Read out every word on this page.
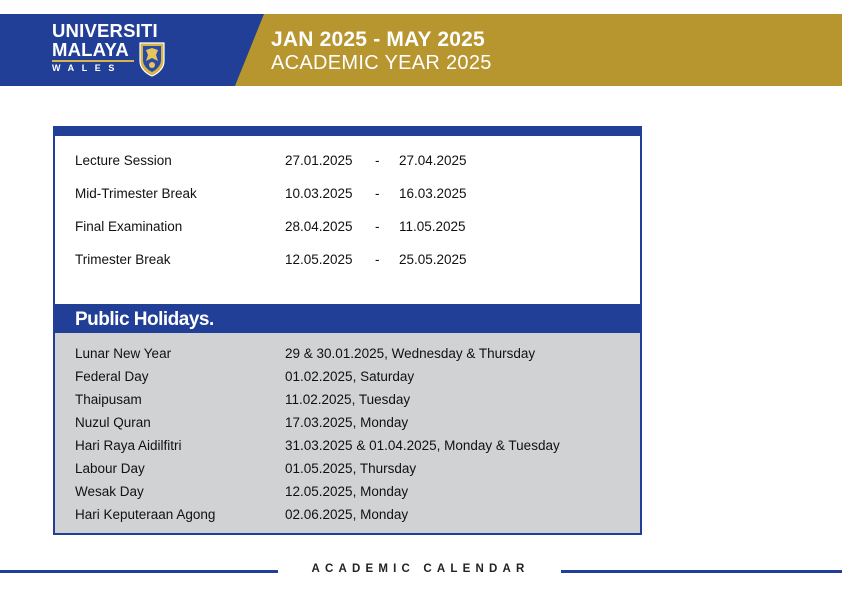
UNIVERSITI
MALAYA
WALES
JAN 2025 - MAY 2025
ACADEMIC YEAR 2025
Lecture Session	27.01.2025 - 27.04.2025
Mid-Trimester Break	10.03.2025 - 16.03.2025
Final Examination	28.04.2025 - 11.05.2025
Trimester Break	12.05.2025 - 25.05.2025
Public Holidays.
Lunar New Year	29 & 30.01.2025, Wednesday & Thursday
Federal Day	01.02.2025, Saturday
Thaipusam	11.02.2025, Tuesday
Nuzul Quran	17.03.2025, Monday
Hari Raya Aidilfitri	31.03.2025 & 01.04.2025, Monday & Tuesday
Labour Day	01.05.2025, Thursday
Wesak Day	12.05.2025, Monday
Hari Keputeraan Agong	02.06.2025, Monday
ACADEMIC CALENDAR
